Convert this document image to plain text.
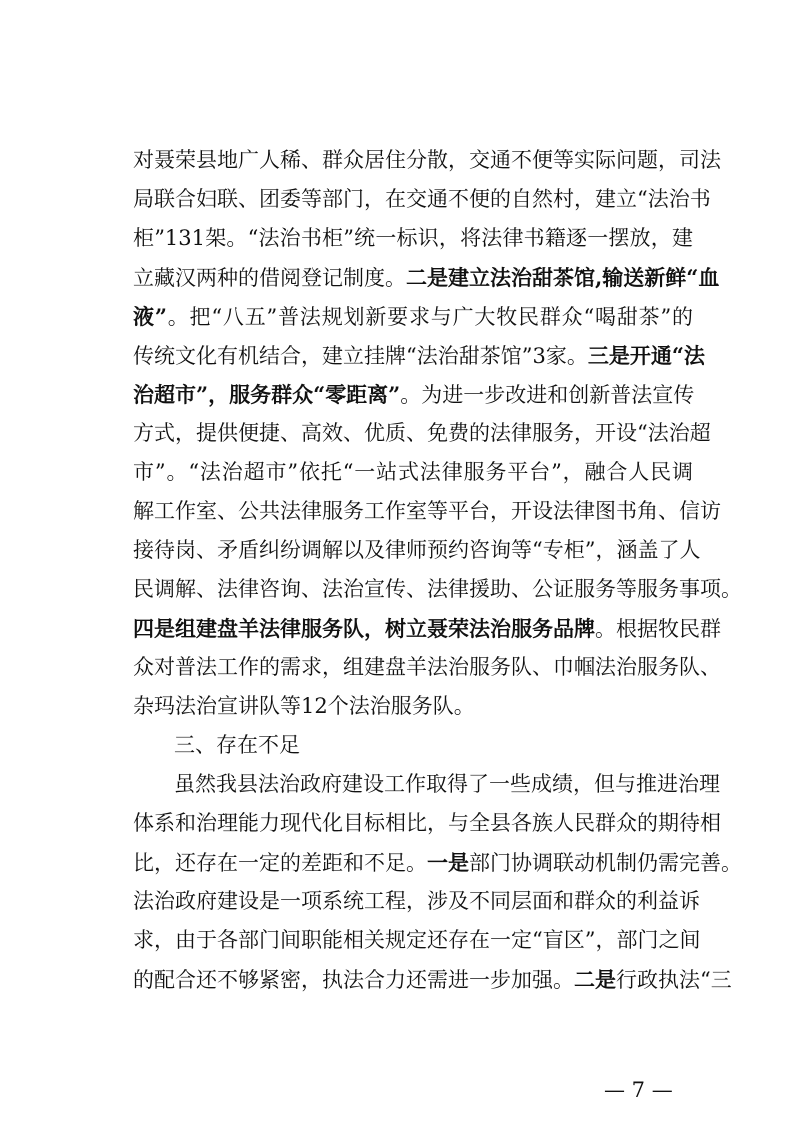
对聂荣县地广人稀、群众居住分散，交通不便等实际问题，司法
局联合妇联、团委等部门，在交通不便的自然村，建立“法治书
柜”131架。“法治书柜”统一标识，将法律书籍逐一摆放，建
立藏汉两种的借阅登记制度。二是建立法治甜茶馆,输送新鲜“血
液”。把“八五”普法规划新要求与广大牧民群众“喝甜茶”的
传统文化有机结合，建立挂牌“法治甜茶馆”3家。三是开通“法
治超市”，服务群众“零距离”。为进一步改进和创新普法宣传
方式，提供便捷、高效、优质、免费的法律服务，开设“法治超
市”。“法治超市”依托“一站式法律服务平台”，融合人民调
解工作室、公共法律服务工作室等平台，开设法律图书角、信访
接待岗、矛盾纠纷调解以及律师预约咨询等“专柜”，涵盖了人
民调解、法律咨询、法治宣传、法律援助、公证服务等服务事项。
四是组建盘羊法律服务队，树立聂荣法治服务品牌。根据牧民群
众对普法工作的需求，组建盘羊法治服务队、巾帼法治服务队、
杂玛法治宣讲队等12个法治服务队。
三、存在不足
虽然我县法治政府建设工作取得了一些成绩，但与推进治理
体系和治理能力现代化目标相比，与全县各族人民群众的期待相
比，还存在一定的差距和不足。一是部门协调联动机制仍需完善。
法治政府建设是一项系统工程，涉及不同层面和群众的利益诉
求，由于各部门间职能相关规定还存在一定“盲区”，部门之间
的配合还不够紧密，执法合力还需进一步加强。二是行政执法“三
— 7 —
